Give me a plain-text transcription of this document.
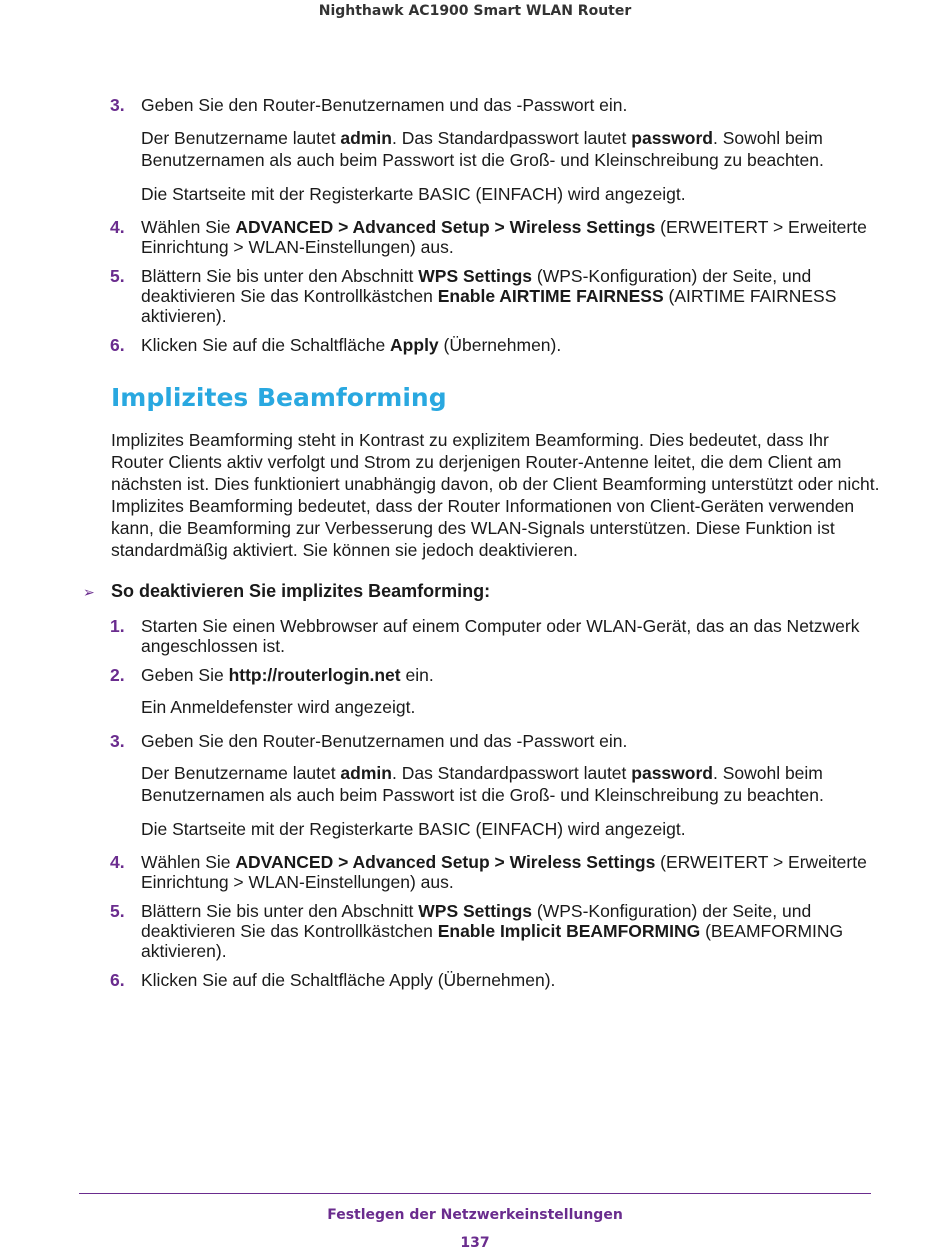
Nighthawk AC1900 Smart WLAN Router
3. Geben Sie den Router-Benutzernamen und das -Passwort ein.
Der Benutzername lautet admin. Das Standardpasswort lautet password. Sowohl beim Benutzernamen als auch beim Passwort ist die Groß- und Kleinschreibung zu beachten.
Die Startseite mit der Registerkarte BASIC (EINFACH) wird angezeigt.
4. Wählen Sie ADVANCED > Advanced Setup > Wireless Settings (ERWEITERT > Erweiterte Einrichtung > WLAN-Einstellungen) aus.
5. Blättern Sie bis unter den Abschnitt WPS Settings (WPS-Konfiguration) der Seite, und deaktivieren Sie das Kontrollkästchen Enable AIRTIME FAIRNESS (AIRTIME FAIRNESS aktivieren).
6. Klicken Sie auf die Schaltfläche Apply (Übernehmen).
Implizites Beamforming
Implizites Beamforming steht in Kontrast zu explizitem Beamforming. Dies bedeutet, dass Ihr Router Clients aktiv verfolgt und Strom zu derjenigen Router-Antenne leitet, die dem Client am nächsten ist. Dies funktioniert unabhängig davon, ob der Client Beamforming unterstützt oder nicht. Implizites Beamforming bedeutet, dass der Router Informationen von Client-Geräten verwenden kann, die Beamforming zur Verbesserung des WLAN-Signals unterstützen. Diese Funktion ist standardmäßig aktiviert. Sie können sie jedoch deaktivieren.
➢ So deaktivieren Sie implizites Beamforming:
1. Starten Sie einen Webbrowser auf einem Computer oder WLAN-Gerät, das an das Netzwerk angeschlossen ist.
2. Geben Sie http://routerlogin.net ein.
Ein Anmeldefenster wird angezeigt.
3. Geben Sie den Router-Benutzernamen und das -Passwort ein.
Der Benutzername lautet admin. Das Standardpasswort lautet password. Sowohl beim Benutzernamen als auch beim Passwort ist die Groß- und Kleinschreibung zu beachten.
Die Startseite mit der Registerkarte BASIC (EINFACH) wird angezeigt.
4. Wählen Sie ADVANCED > Advanced Setup > Wireless Settings (ERWEITERT > Erweiterte Einrichtung > WLAN-Einstellungen) aus.
5. Blättern Sie bis unter den Abschnitt WPS Settings (WPS-Konfiguration) der Seite, und deaktivieren Sie das Kontrollkästchen Enable Implicit BEAMFORMING (BEAMFORMING aktivieren).
6. Klicken Sie auf die Schaltfläche Apply (Übernehmen).
Festlegen der Netzwerkeinstellungen
137
